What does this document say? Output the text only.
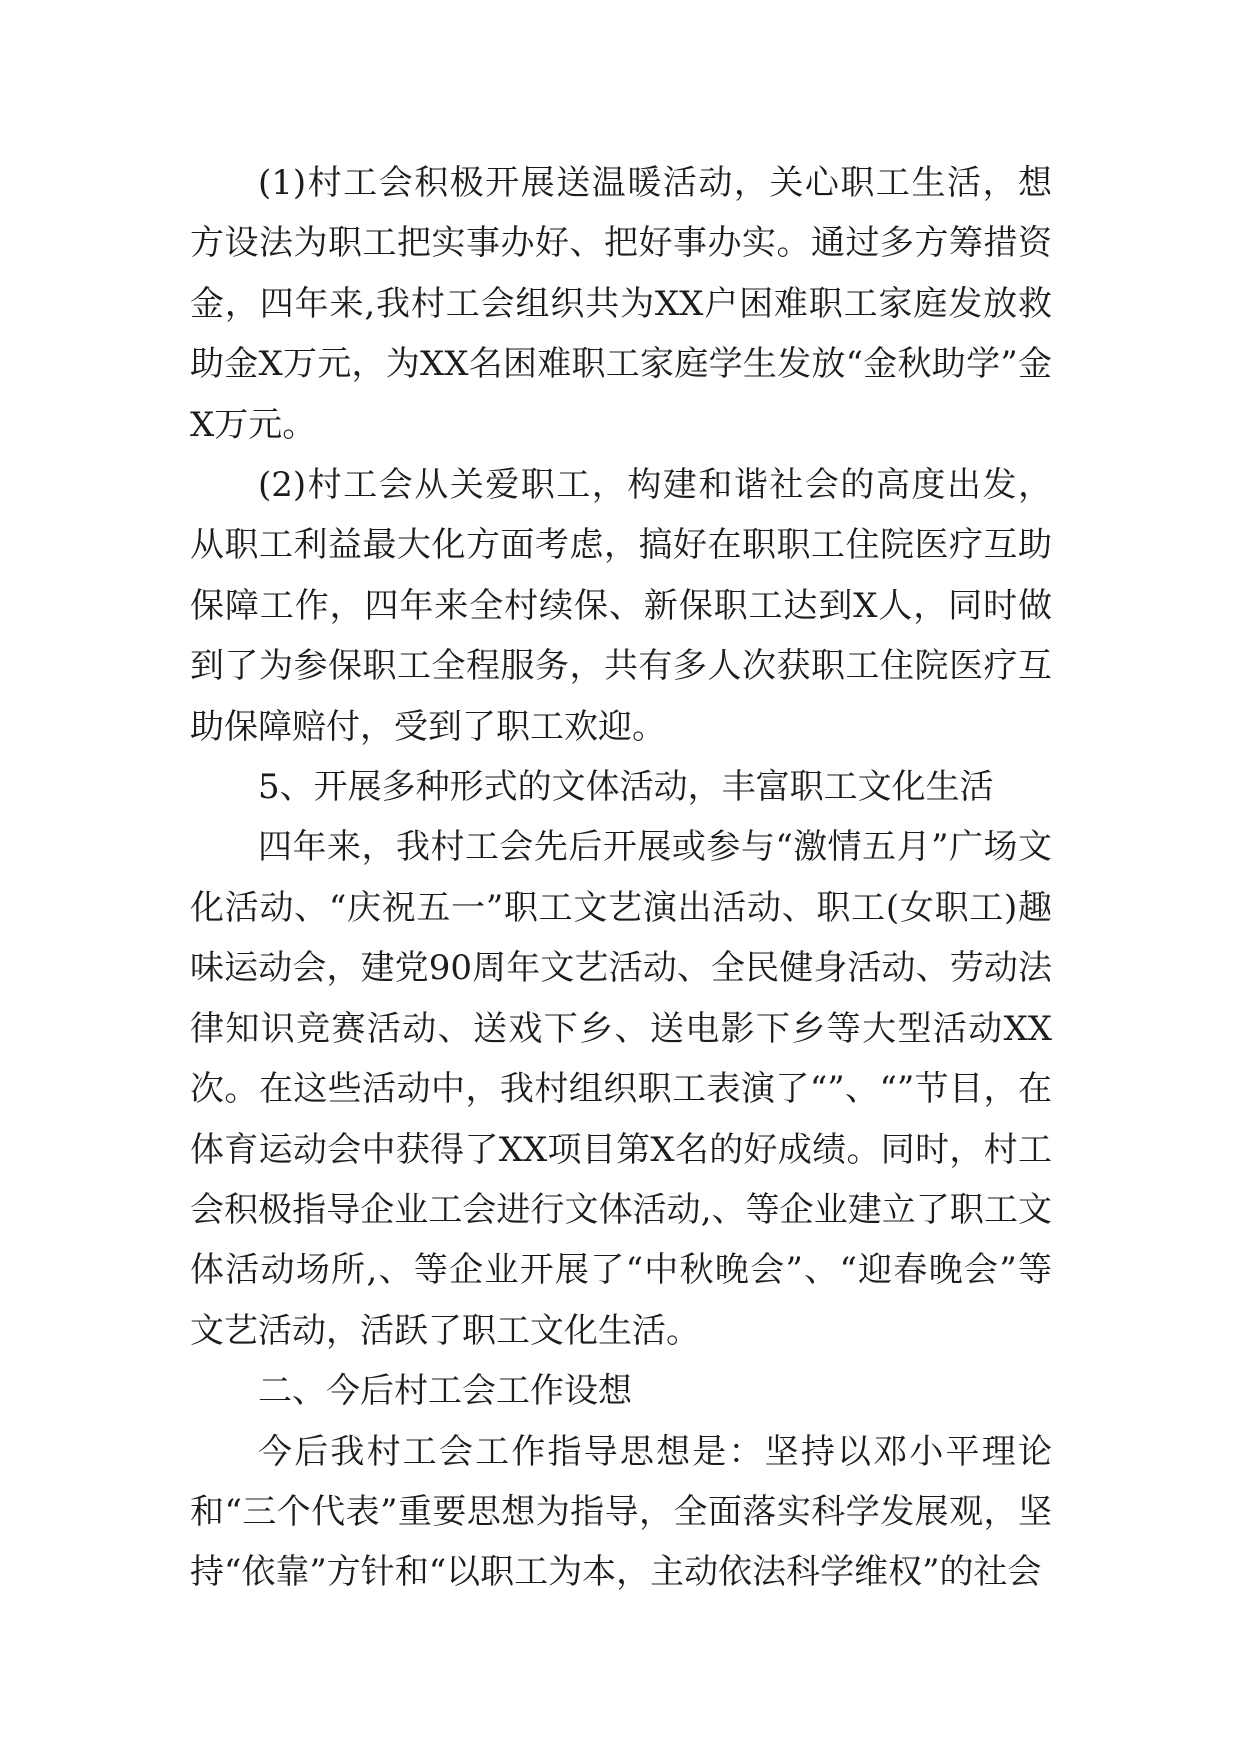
(1)村工会积极开展送温暖活动，关心职工生活，想方设法为职工把实事办好、把好事办实。通过多方筹措资金，四年来,我村工会组织共为XX户困难职工家庭发放救助金X万元，为XX名困难职工家庭学生发放“金秋助学”金X万元。

(2)村工会从关爱职工，构建和谐社会的高度出发，从职工利益最大化方面考虑，搞好在职职工住院医疗互助保障工作，四年来全村续保、新保职工达到X人，同时做到了为参保职工全程服务，共有多人次获职工住院医疗互助保障赔付，受到了职工欢迎。

5、开展多种形式的文体活动，丰富职工文化生活

四年来，我村工会先后开展或参与“激情五月”广场文化活动、“庆祝五一”职工文艺演出活动、职工(女职工)趣味运动会，建党90周年文艺活动、全民健身活动、劳动法律知识竞赛活动、送戏下乡、送电影下乡等大型活动XX次。在这些活动中，我村组织职工表演了“”、“”节目，在体育运动会中获得了XX项目第X名的好成绩。同时，村工会积极指导企业工会进行文体活动,、等企业建立了职工文体活动场所,、等企业开展了“中秋晚会”、“迎春晚会”等文艺活动，活跃了职工文化生活。

二、今后村工会工作设想

今后我村工会工作指导思想是：坚持以邓小平理论和“三个代表”重要思想为指导，全面落实科学发展观，坚持“依靠”方针和“以职工为本，主动依法科学维权”的社会
